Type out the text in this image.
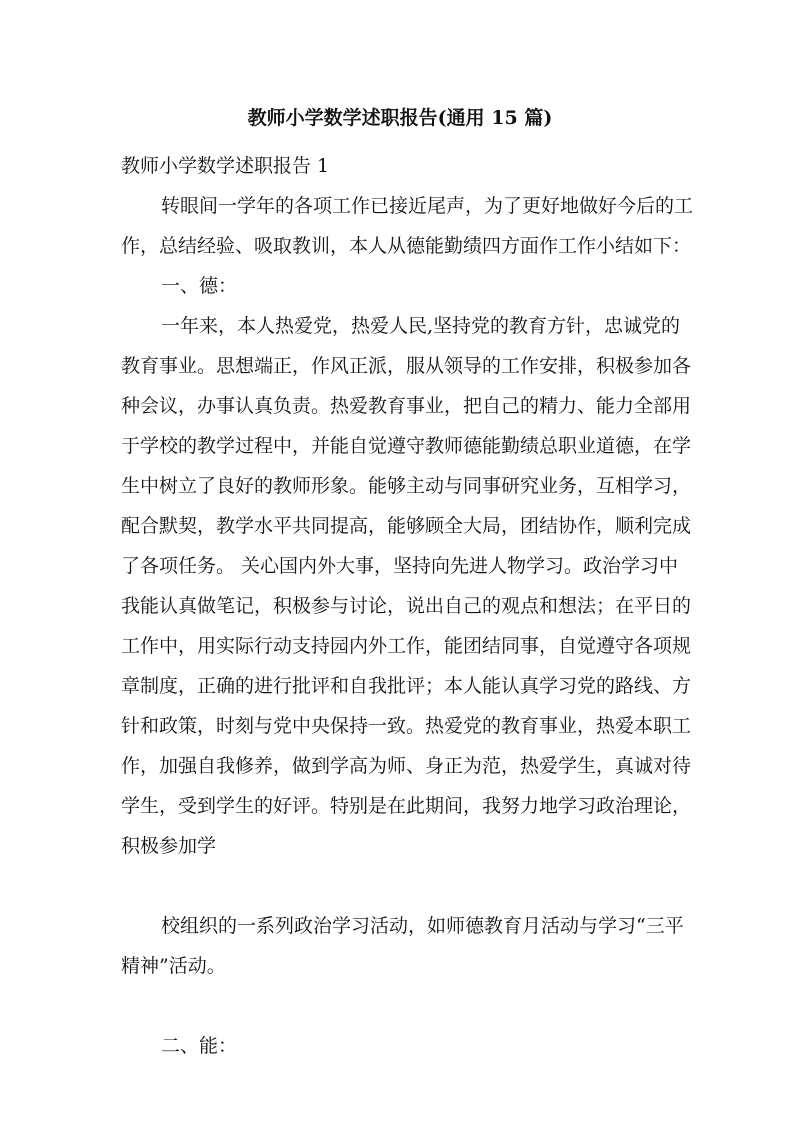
教师小学数学述职报告(通用 15 篇)
教师小学数学述职报告 1

转眼间一学年的各项工作已接近尾声，为了更好地做好今后的工
作，总结经验、吸取教训，本人从德能勤绩四方面作工作小结如下：

一、德：

一年来，本人热爱党，热爱人民,坚持党的教育方针，忠诚党的
教育事业。思想端正，作风正派，服从领导的工作安排，积极参加各
种会议，办事认真负责。热爱教育事业，把自己的精力、能力全部用
于学校的教学过程中，并能自觉遵守教师德能勤绩总职业道德，在学
生中树立了良好的教师形象。能够主动与同事研究业务，互相学习，
配合默契，教学水平共同提高，能够顾全大局，团结协作，顺利完成
了各项任务。 关心国内外大事，坚持向先进人物学习。政治学习中
我能认真做笔记，积极参与讨论，说出自己的观点和想法；在平日的
工作中，用实际行动支持园内外工作，能团结同事，自觉遵守各项规
章制度，正确的进行批评和自我批评；本人能认真学习党的路线、方
针和政策，时刻与党中央保持一致。热爱党的教育事业，热爱本职工
作，加强自我修养，做到学高为师、身正为范，热爱学生，真诚对待
学生，受到学生的好评。特别是在此期间，我努力地学习政治理论，
积极参加学

校组织的一系列政治学习活动，如师德教育月活动与学习“三平
精神”活动。

二、能：
